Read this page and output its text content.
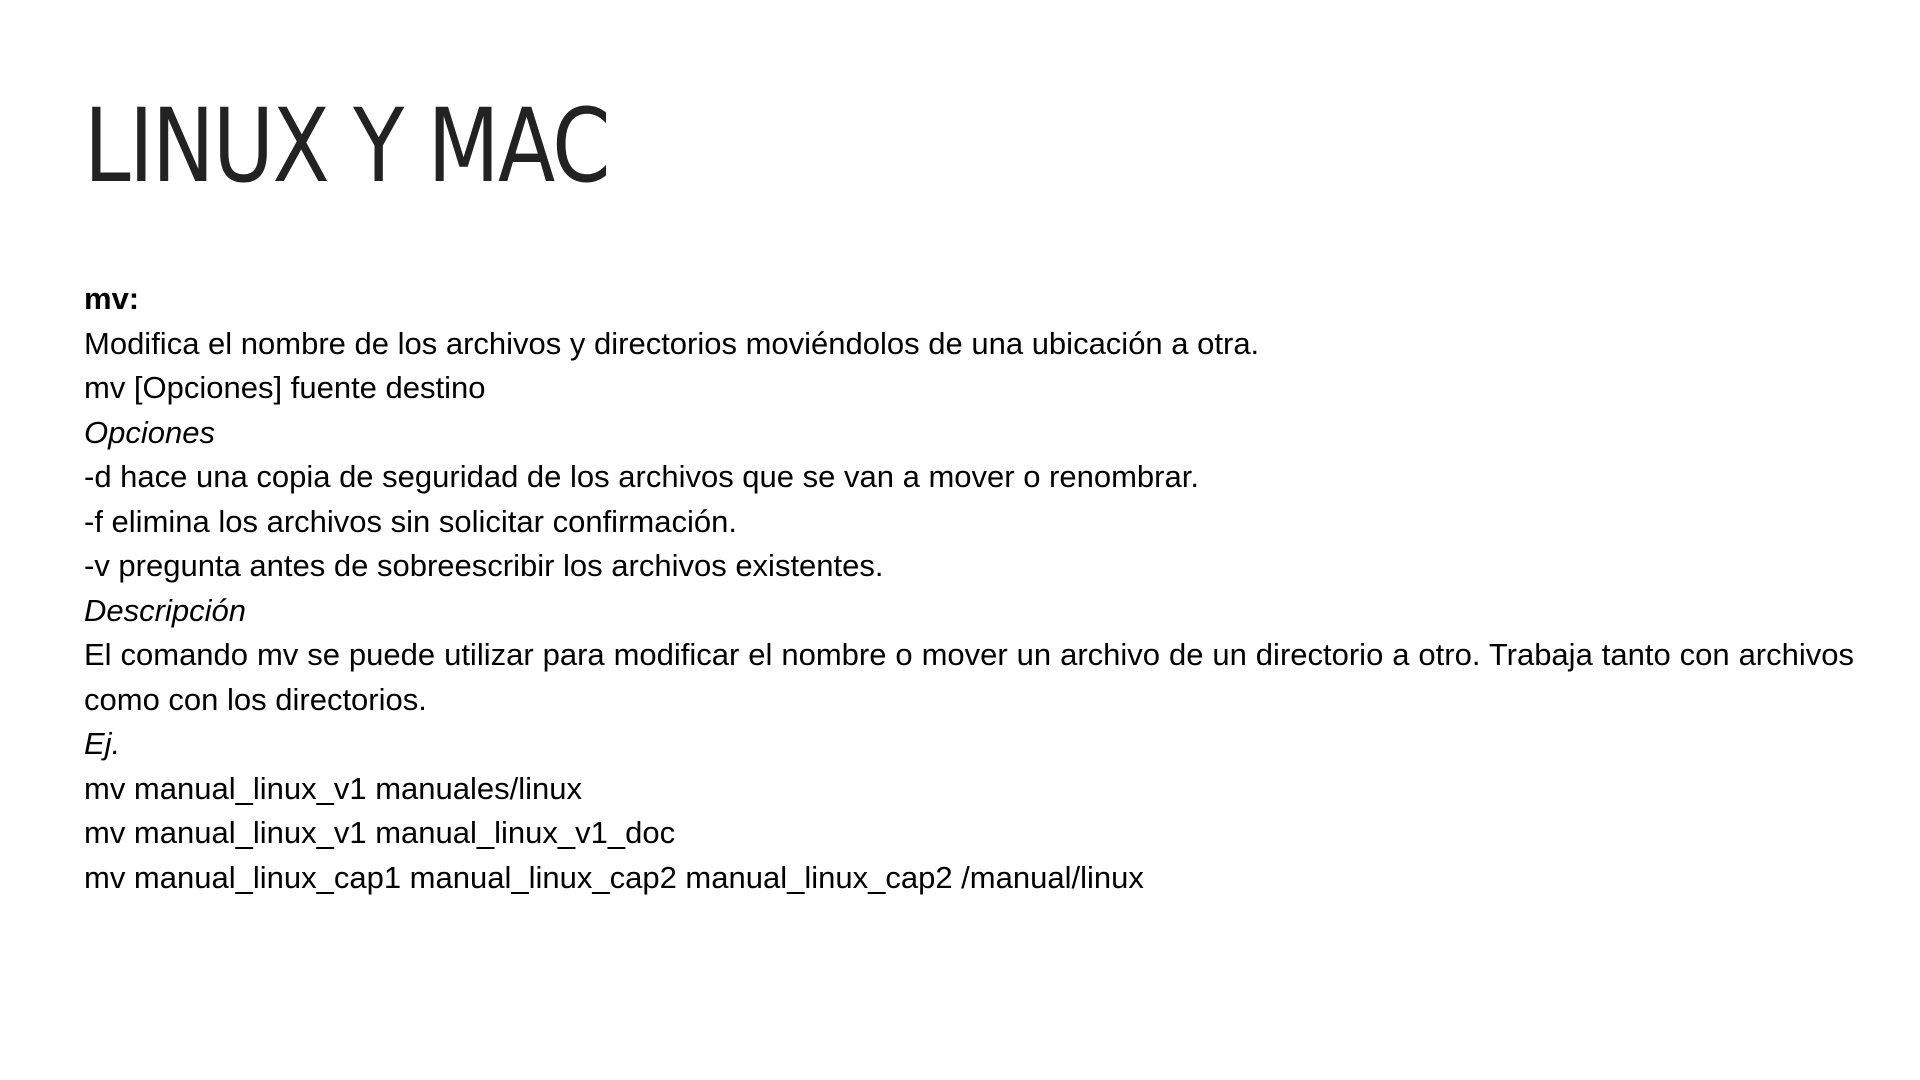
LINUX Y MAC
mv:
Modifica el nombre de los archivos y directorios moviéndolos de una ubicación a otra.
mv [Opciones] fuente destino
Opciones
-d hace una copia de seguridad de los archivos que se van a mover o renombrar.
-f elimina los archivos sin solicitar confirmación.
-v pregunta antes de sobreescribir los archivos existentes.
Descripción
El comando mv se puede utilizar para modificar el nombre o mover un archivo de un directorio a otro. Trabaja tanto con archivos como con los directorios.
Ej.
mv manual_linux_v1 manuales/linux
mv manual_linux_v1 manual_linux_v1_doc
mv manual_linux_cap1 manual_linux_cap2 manual_linux_cap2 /manual/linux
